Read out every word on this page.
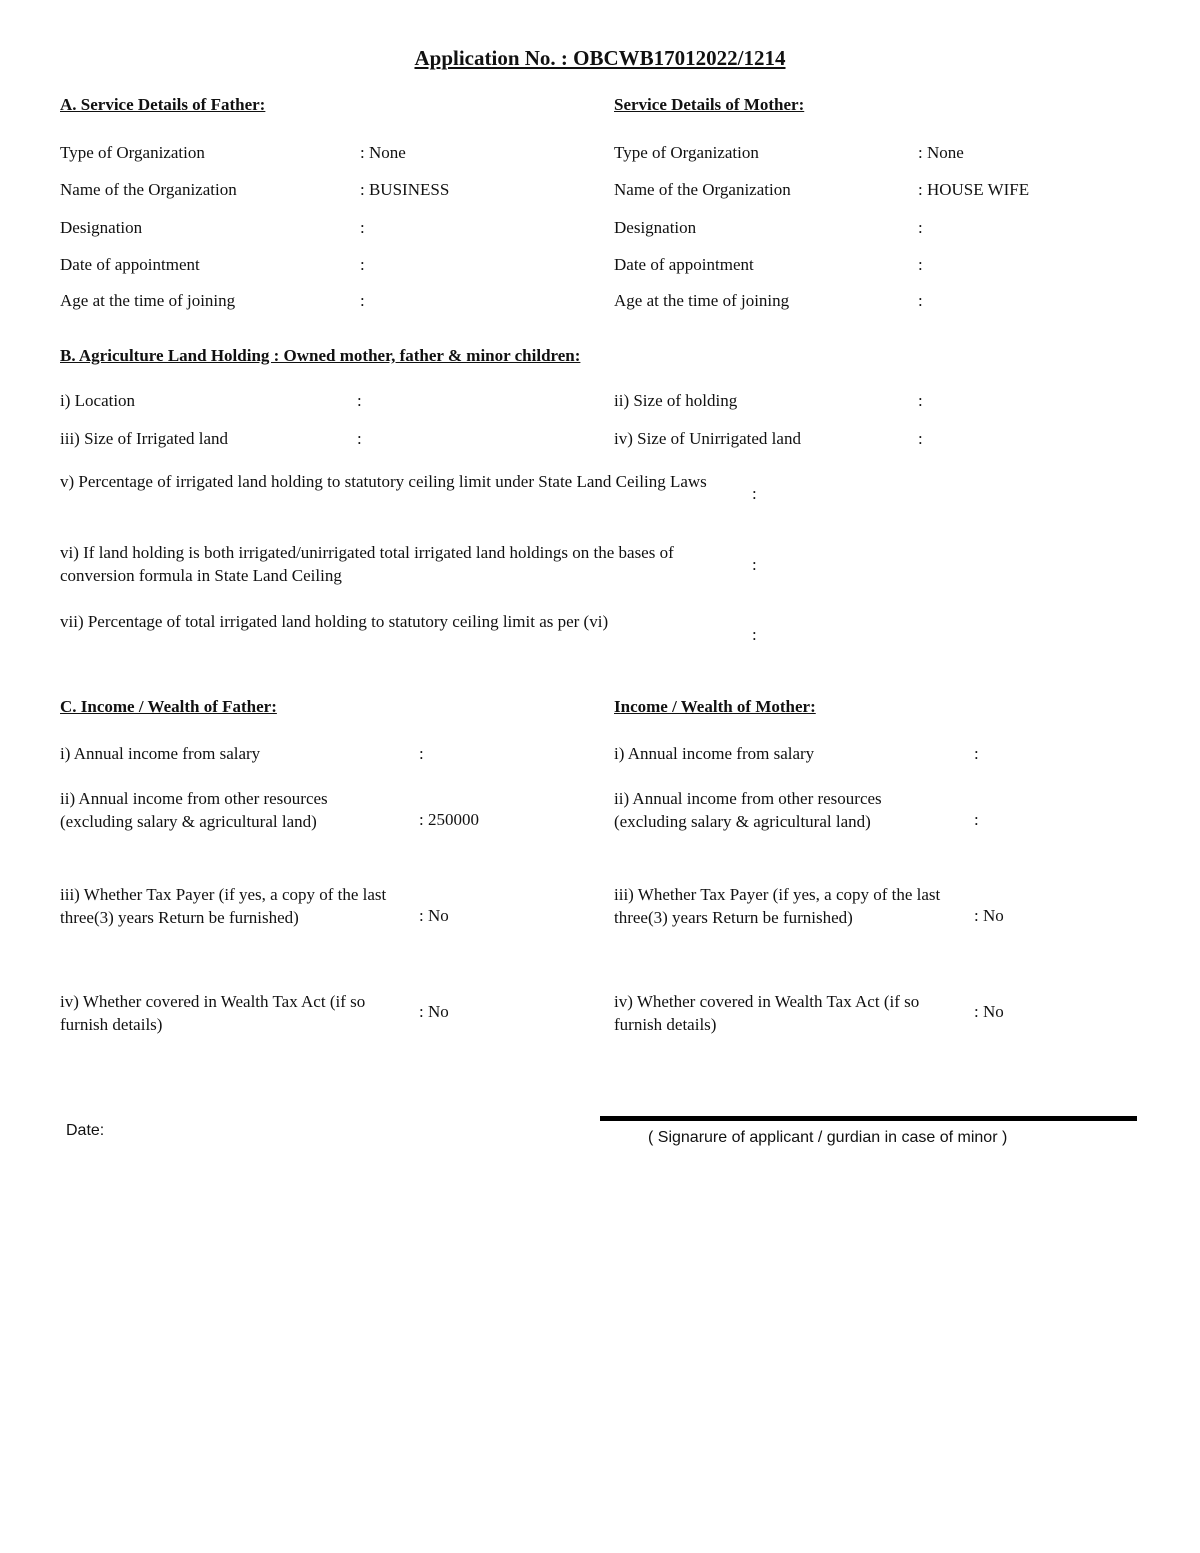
Application No. : OBCWB17012022/1214
A. Service Details of Father:	Service Details of Mother:
Type of Organization	: None
Name of the Organization	: BUSINESS
Designation	:
Date of appointment	:
Age at the time of joining	:
Type of Organization	: None
Name of the Organization	: HOUSE WIFE
Designation	:
Date of appointment	:
Age at the time of joining	:
B. Agriculture Land Holding : Owned mother, father & minor children:
i) Location	:	ii) Size of holding	:
iii) Size of Irrigated land	:	iv) Size of Unirrigated land	:
v) Percentage of irrigated land holding to statutory ceiling limit under State Land Ceiling Laws
:
vi) If land holding is both irrigated/unirrigated total irrigated land holdings on the bases of conversion formula in State Land Ceiling
:
vii) Percentage of total irrigated land holding to statutory ceiling limit as per (vi)
:
C. Income / Wealth of Father:	Income / Wealth of Mother:
i) Annual income from salary	:
ii) Annual income from other resources (excluding salary & agricultural land)	: 250000
iii) Whether Tax Payer (if yes, a copy of the last three(3) years Return be furnished)	: No
iv) Whether covered in Wealth Tax Act (if so furnish details)
: No
i) Annual income from salary	:
ii) Annual income from other resources (excluding salary & agricultural land)	:
iii) Whether Tax Payer (if yes, a copy of the last three(3) years Return be furnished)	: No
iv) Whether covered in Wealth Tax Act (if so furnish details)
: No
Date:	( Signarure of applicant / gurdian in case of minor )
